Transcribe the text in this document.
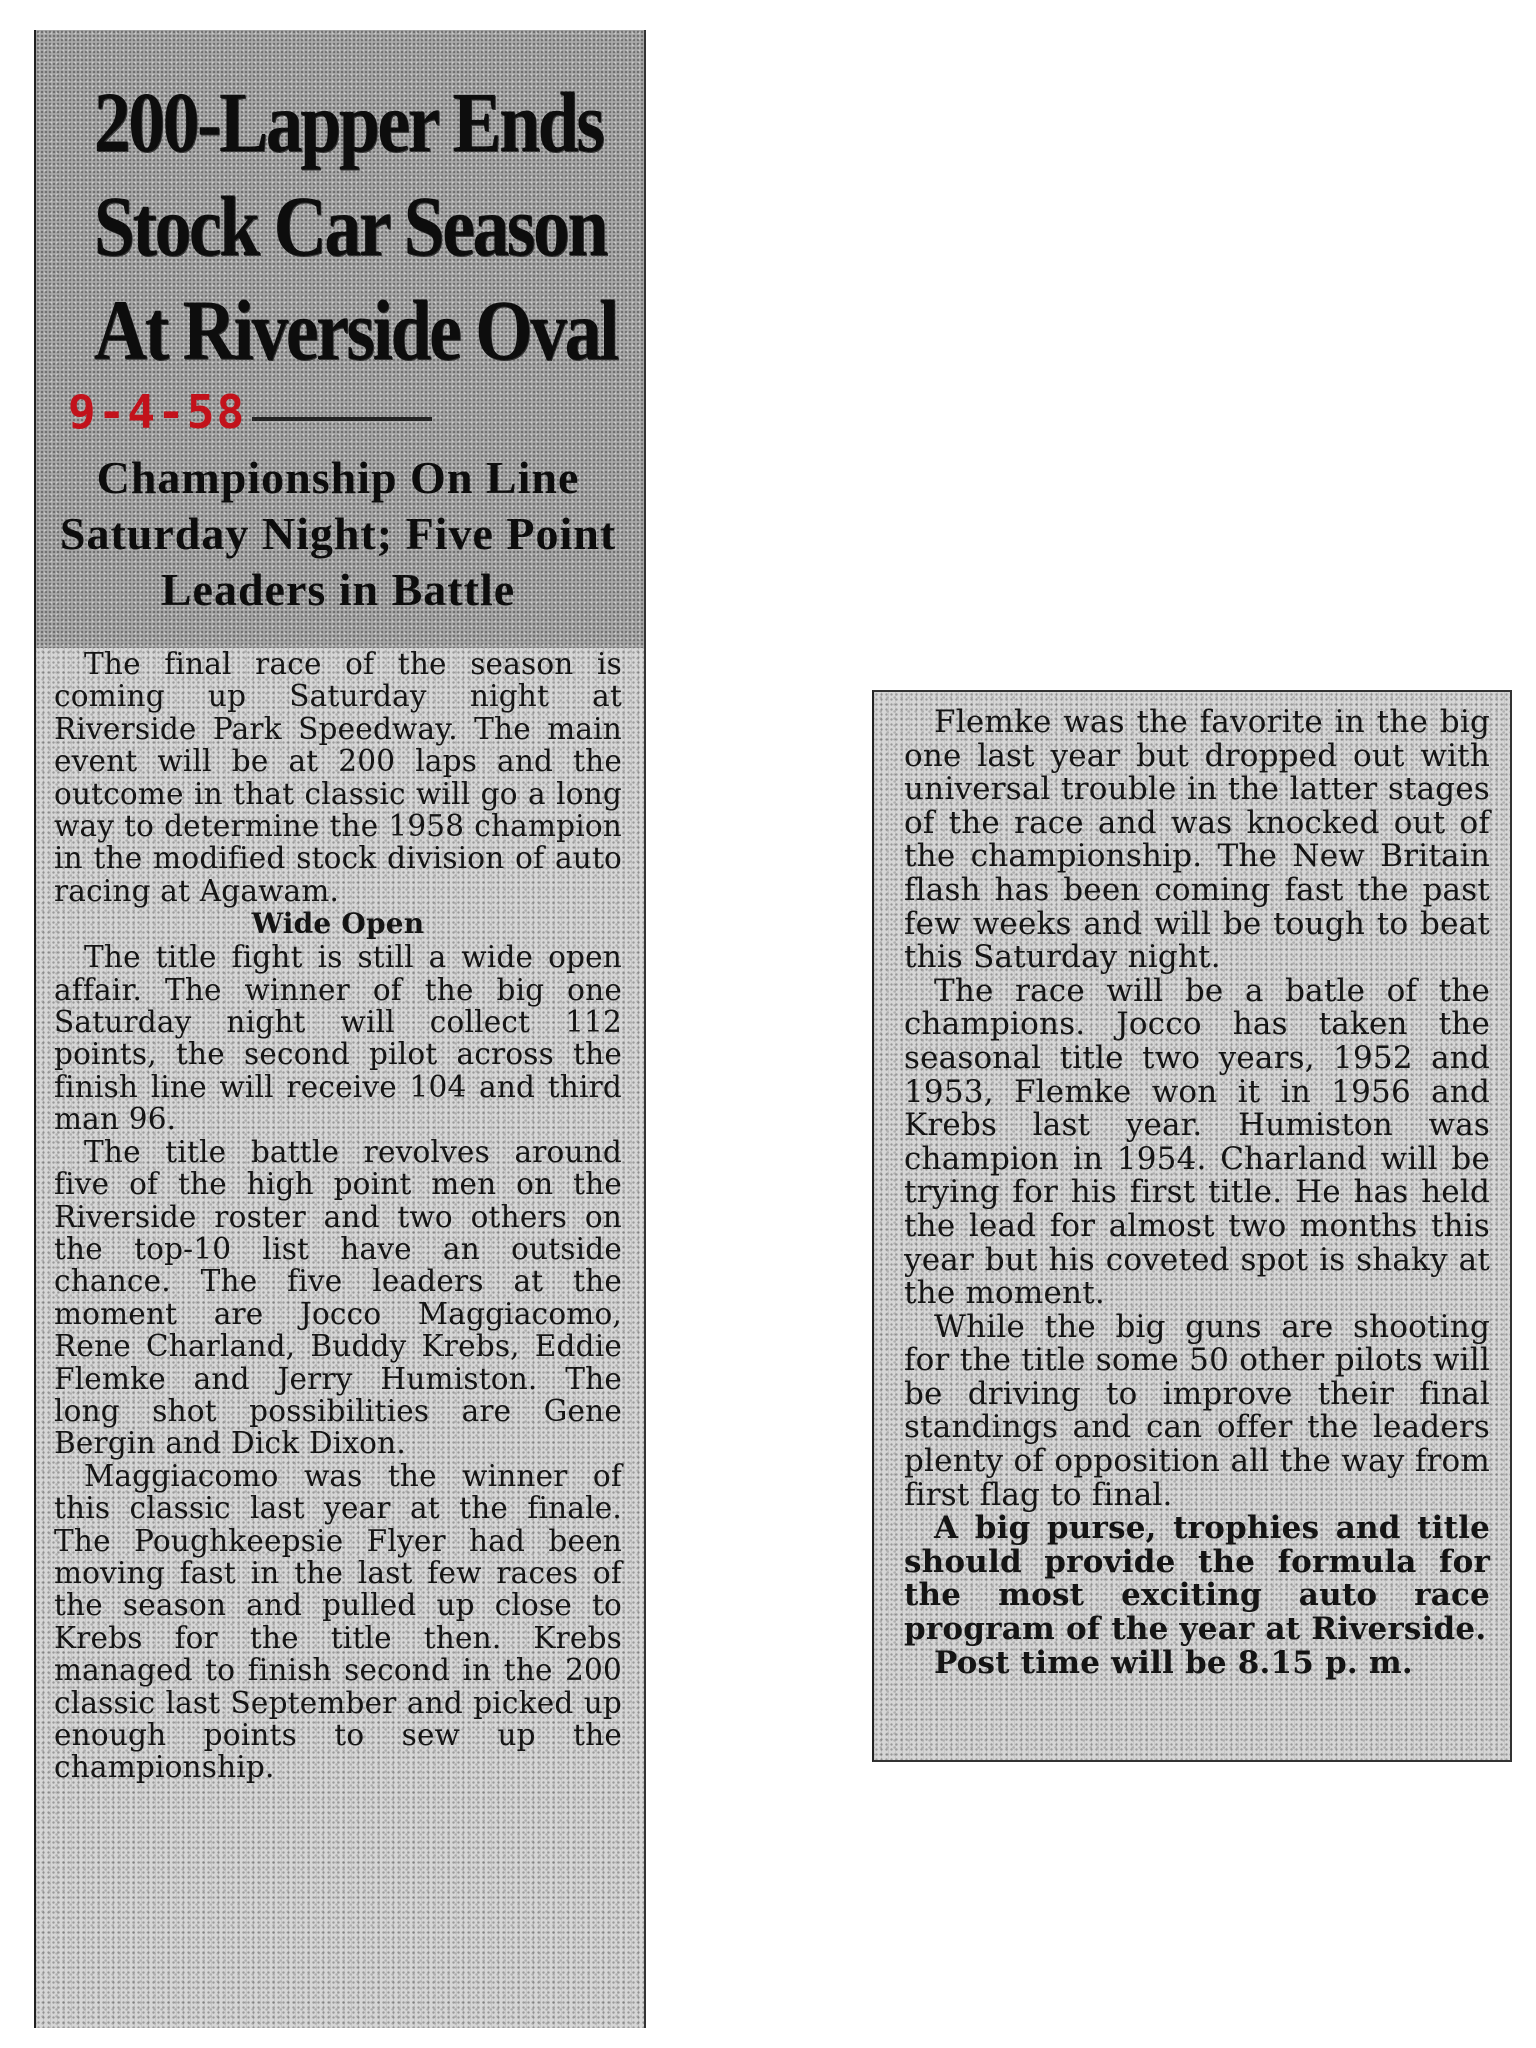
200-Lapper Ends
Stock Car Season
At Riverside Oval
9-4-58
Championship On Line Saturday Night; Five Point Leaders in Battle

The final race of the season is coming up Saturday night at Riverside Park Speedway. The main event will be at 200 laps and the outcome in that classic will go a long way to determine the 1958 champion in the modified stock division of auto racing at Agawam.

Wide Open

The title fight is still a wide open affair. The winner of the big one Saturday night will collect 112 points, the second pilot across the finish line will receive 104 and third man 96.

The title battle revolves around five of the high point men on the Riverside roster and two others on the top-10 list have an outside chance. The five leaders at the moment are Jocco Maggiacomo, Rene Charland, Buddy Krebs, Eddie Flemke and Jerry Humiston. The long shot possibilities are Gene Bergin and Dick Dixon.

Maggiacomo was the winner of this classic last year at the finale. The Poughkeepsie Flyer had been moving fast in the last few races of the season and pulled up close to Krebs for the title then. Krebs managed to finish second in the 200 classic last September and picked up enough points to sew up the championship.

Flemke was the favorite in the big one last year but dropped out with universal trouble in the latter stages of the race and was knocked out of the championship. The New Britain flash has been coming fast the past few weeks and will be tough to beat this Saturday night.

The race will be a batle of the champions. Jocco has taken the seasonal title two years, 1952 and 1953, Flemke won it in 1956 and Krebs last year. Humiston was champion in 1954. Charland will be trying for his first title. He has held the lead for almost two months this year but his coveted spot is shaky at the moment.

While the big guns are shooting for the title some 50 other pilots will be driving to improve their final standings and can offer the leaders plenty of opposition all the way from first flag to final.

A big purse, trophies and title should provide the formula for the most exciting auto race program of the year at Riverside.

Post time will be 8.15 p. m.
